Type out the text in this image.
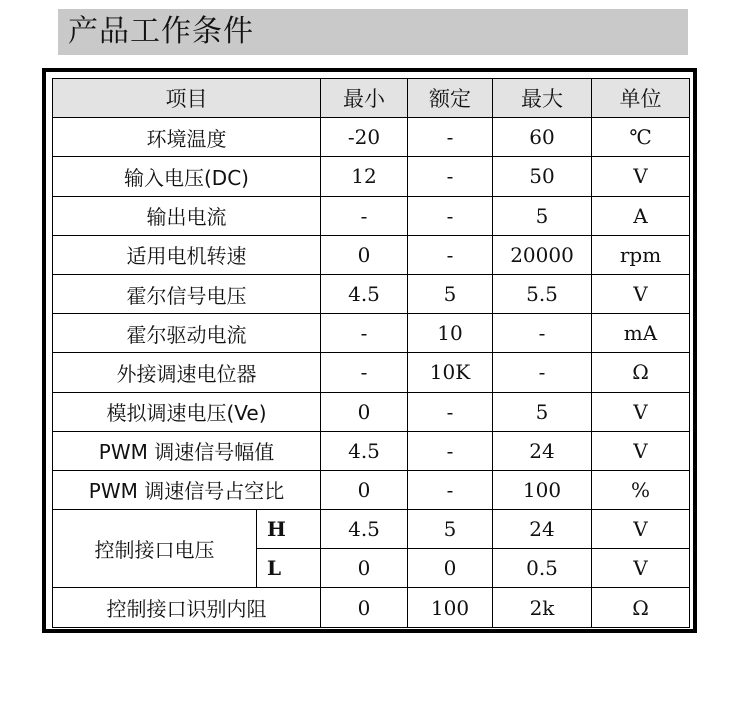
产品工作条件
项目		最小	额定	最大	单位
环境温度		-20	-	60	℃
输入电压(DC)		12	-	50	V
输出电流		-	-	5	A
适用电机转速		0	-	20000	rpm
霍尔信号电压		4.5	5	5.5	V
霍尔驱动电流		-	10	-	mA
外接调速电位器		-	10K	-	Ω
模拟调速电压(Ve)		0	-	5	V
PWM 调速信号幅值		4.5	-	24	V
PWM 调速信号占空比		0	-	100	%
控制接口电压	H	4.5	5	24	V
	L	0	0	0.5	V
控制接口识别内阻		0	100	2k	Ω
